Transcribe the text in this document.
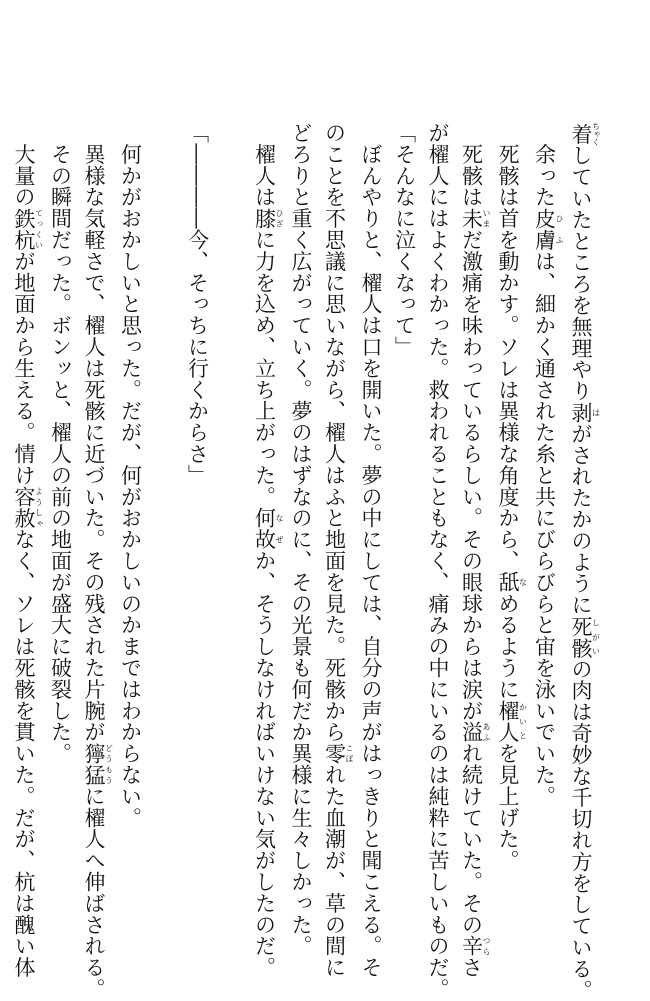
着ちゃくしていたところを無理やり剥はがされたかのように死骸しがいの肉は奇妙な千切れ方をしている。
　余った皮膚ひふは、細かく通された糸と共にびらびらと宙を泳いでいた。
　死骸は首を動かす。ソレは異様な角度から、舐なめるように櫂人かいとを見上げた。
　死骸は未いまだ激痛を味わっているらしい。その眼球からは涙が溢あふれ続けていた。その辛つらさ
が櫂人にはよくわかった。救われることもなく、痛みの中にいるのは純粋に苦しいものだ。
「そんなに泣くなって」
　ぼんやりと、櫂人は口を開いた。夢の中にしては、自分の声がはっきりと聞こえる。そ
のことを不思議に思いながら、櫂人はふと地面を見た。死骸から零こぼれた血潮が、草の間に
どろりと重く広がっていく。夢のはずなのに、その光景も何だか異様に生々しかった。
　櫂人は膝ひざに力を込め、立ち上がった。何故なぜか、そうしなければいけない気がしたのだ。
「――――今、そっちに行くからさ」
　何かがおかしいと思った。だが、何がおかしいのかまではわからない。
　異様な気軽さで、櫂人は死骸に近づいた。その残された片腕が獰猛どうもうに櫂人へ伸ばされる。
　その瞬間だった。ボンッと、櫂人の前の地面が盛大に破裂した。
　大量の鉄杭てっくいが地面から生える。情け容赦ようしゃなく、ソレは死骸を貫いた。だが、杭は醜い体
